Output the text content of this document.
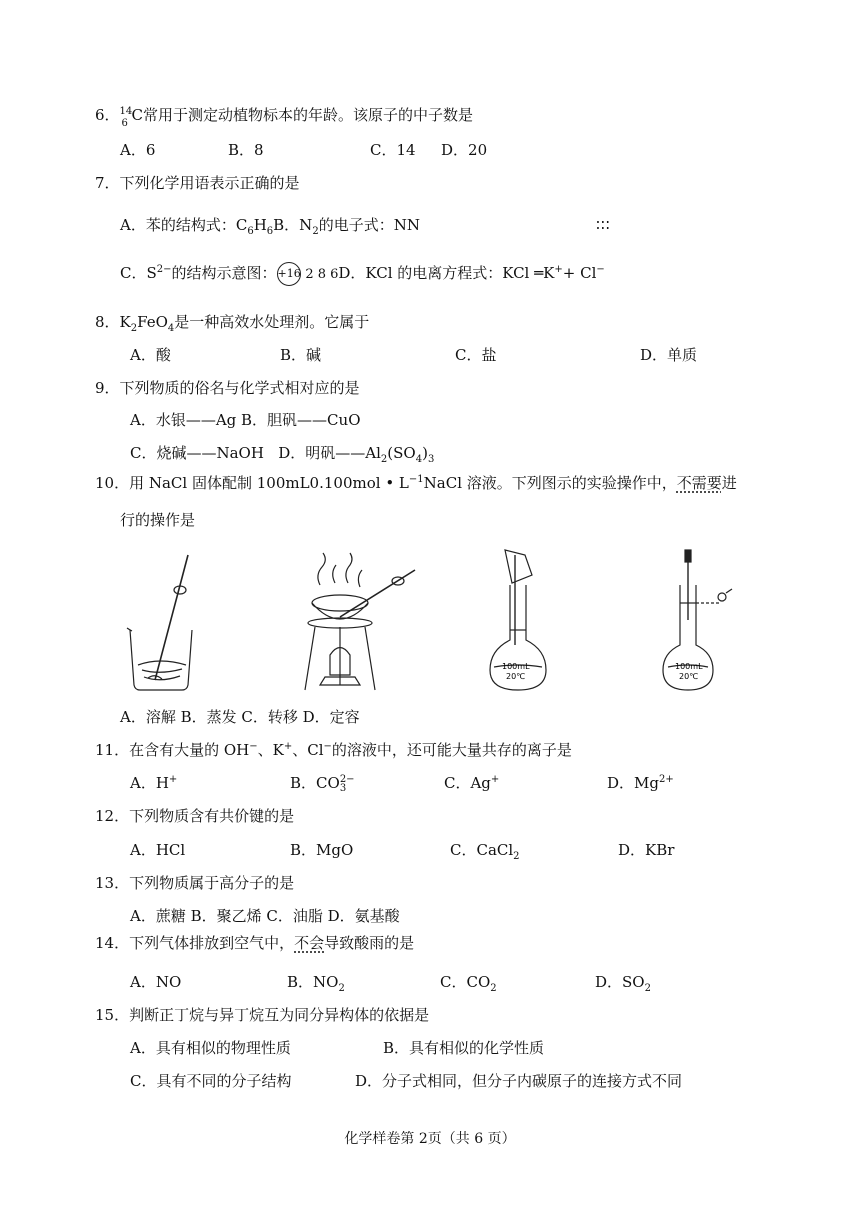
6． 14
6 C常用于测定动植物标本的年龄。该原子的中子数是
A．6	B．8	C．14 D．20
7．下列化学用语表示正确的是
A．苯的结构式：$C_6H_6B$．$N_2$的电子式：NN	∶∶∶
C．$S^{2-}$的结构示意图：+16 2 8 6D．KCl 的电离方程式：KCl ═K++ Cl−
8．$K_2FeO_4$是一种高效水处理剂。它属于
A．酸	B．碱	C．盐	D．单质
9．下列物质的俗名与化学式相对应的是
A．水银——Ag B．胆矾——CuO
C．烧碱——NaOH D．明矾$——Al_2(SO_4)_3$
10．用 NaCl 固体配制 100mL0.100mol • $L^{-1}NaCl$ 溶液。下列图示的实验操作中，不需要进
行的操作是
100mL
20℃
100mL
20℃
A．溶解 B．蒸发 C．转移 D．定容
11．在含有大量的 OH−、K+、Cl−的溶液中，还可能大量共存的离子是
A．H+	B．CO 2−
3	C．Ag+	D．$Mg^{2+}$
12．下列物质含有共价键的是
A．HCl	B．MgO	C．CaCl$_2$	D．KBr
13．下列物质属于高分子的是
A．蔗糖 B．聚乙烯 C．油脂 D．氨基酸
14．下列气体排放到空气中，不会导致酸雨的是
A．NO	B．$NO_2$	C．$CO_2$	D．$SO_2$
15．判断正丁烷与异丁烷互为同分异构体的依据是
A．具有相似的物理性质	B．具有相似的化学性质
C．具有不同的分子结构	D．分子式相同，但分子内碳原子的连接方式不同
化学样卷第 2页（共 6 页）
